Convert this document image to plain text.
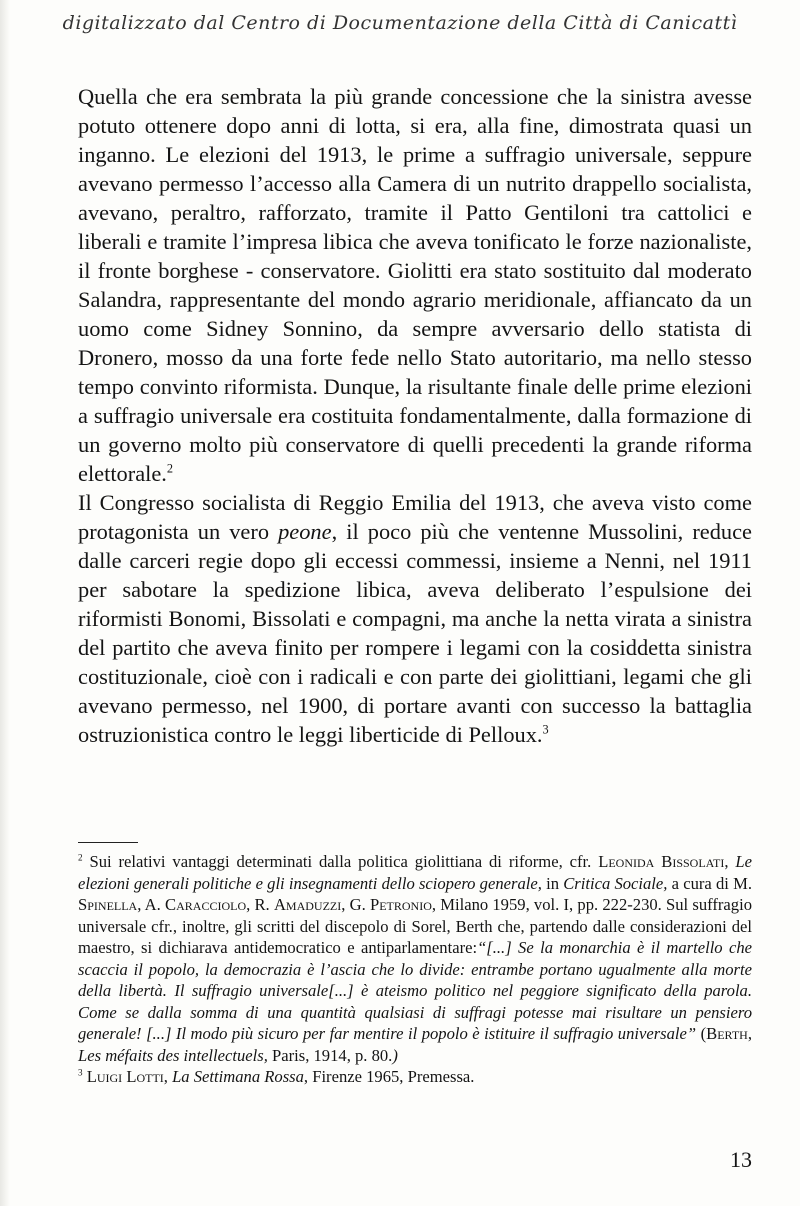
digitalizzato dal Centro di Documentazione della Città di Canicattì

Quella che era sembrata la più grande concessione che la sinistra avesse potuto ottenere dopo anni di lotta, si era, alla fine, dimostrata quasi un inganno. Le elezioni del 1913, le prime a suffragio universale, seppure avevano permesso l’accesso alla Camera di un nutrito drappello socialista, avevano, peraltro, rafforzato, tramite il Patto Gentiloni tra cattolici e liberali e tramite l’impresa libica che aveva tonificato le forze nazionaliste, il fronte borghese - conservatore. Giolitti era stato sostituito dal moderato Salandra, rappresentante del mondo agrario meridionale, affiancato da un uomo come Sidney Sonnino, da sempre avversario dello statista di Dronero, mosso da una forte fede nello Stato autoritario, ma nello stesso tempo convinto riformista. Dunque, la risultante finale delle prime elezioni a suffragio universale era costituita fondamentalmente, dalla formazione di un governo molto più conservatore di quelli precedenti la grande riforma elettorale.$^2$

Il Congresso socialista di Reggio Emilia del 1913, che aveva visto come protagonista un vero peone, il poco più che ventenne Mussolini, reduce dalle carceri regie dopo gli eccessi commessi, insieme a Nenni, nel 1911 per sabotare la spedizione libica, aveva deliberato l’espulsione dei riformisti Bonomi, Bissolati e compagni, ma anche la netta virata a sinistra del partito che aveva finito per rompere i legami con la cosiddetta sinistra costituzionale, cioè con i radicali e con parte dei giolittiani, legami che gli avevano permesso, nel 1900, di portare avanti con successo la battaglia ostruzionistica contro le leggi liberticide di Pelloux.$^3$

$^2$ Sui relativi vantaggi determinati dalla politica giolittiana di riforme, cfr. Leonida Bissolati, Le elezioni generali politiche e gli insegnamenti dello sciopero generale, in Critica Sociale, a cura di M. Spinella, A. Caracciolo, R. Amaduzzi, G. Petronio, Milano 1959, vol. I, pp. 222-230. Sul suffragio universale cfr., inoltre, gli scritti del discepolo di Sorel, Berth che, partendo dalle considerazioni del maestro, si dichiarava antidemocratico e antiparlamentare:“[...] Se la monarchia è il martello che scaccia il popolo, la democrazia è l’ascia che lo divide: entrambe portano ugualmente alla morte della libertà. Il suffragio universale[...] è ateismo politico nel peggiore significato della parola. Come se dalla somma di una quantità qualsiasi di suffragi potesse mai risultare un pensiero generale! [...] Il modo più sicuro per far mentire il popolo è istituire il suffragio universale” (Berth, Les méfaits des intellectuels, Paris, 1914, p. 80.)

$^3$ Luigi Lotti, La Settimana Rossa, Firenze 1965, Premessa.

13
